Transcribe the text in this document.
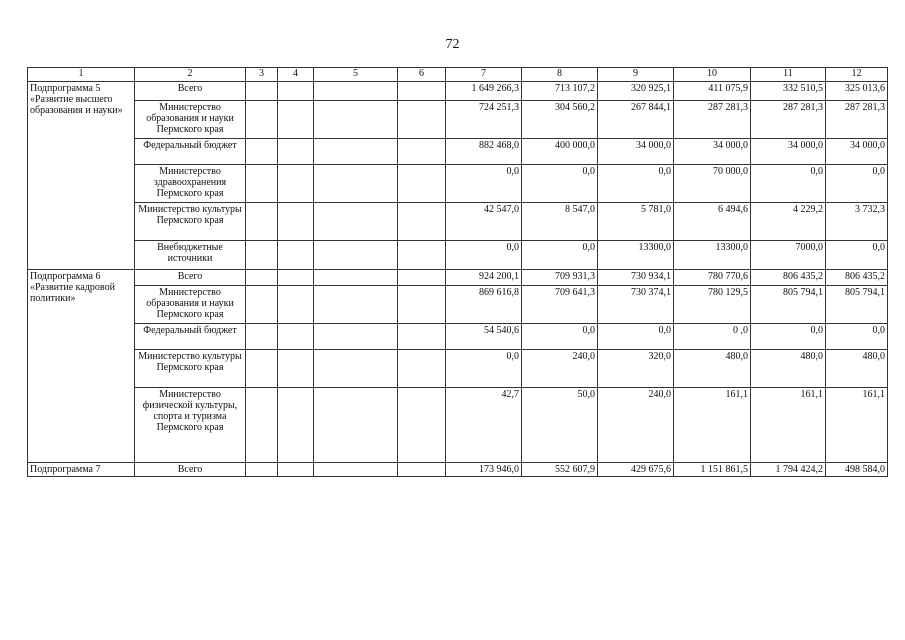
72
1	2	3	4	5	6	7	8	9	10	11	12
Подпрограмма 5 «Развитие высшего образования и науки»	Всего					1 649 266,3	713 107,2	320 925,1	411 075,9	332 510,5	325 013,6
	Министерство образования и науки Пермского края					724 251,3	304 560,2	267 844,1	287 281,3	287 281,3	287 281,3
	Федеральный бюджет					882 468,0	400 000,0	34 000,0	34 000,0	34 000,0	34 000,0
	Министерство здравоохранения Пермского края					0,0	0,0	0,0	70 000,0	0,0	0,0
	Министерство культуры Пермского края					42 547,0	8 547,0	5 781,0	6 494,6	4 229,2	3 732,3
	Внебюджетные источники					0,0	0,0	13300,0	13300,0	7000,0	0,0
Подпрограмма 6 «Развитие кадровой политики»	Всего					924 200,1	709 931,3	730 934,1	780 770,6	806 435,2	806 435,2
	Министерство образования и науки Пермского края					869 616,8	709 641,3	730 374,1	780 129,5	805 794,1	805 794,1
	Федеральный бюджет					54 540,6	0,0	0,0	0 ,0	0,0	0,0
	Министерство культуры Пермского края					0,0	240,0	320,0	480,0	480,0	480,0
	Министерство физической культуры, спорта и туризма Пермского края					42,7	50,0	240,0	161,1	161,1	161,1
Подпрограмма 7	Всего					173 946,0	552 607,9	429 675,6	1 151 861,5	1 794 424,2	498 584,0
